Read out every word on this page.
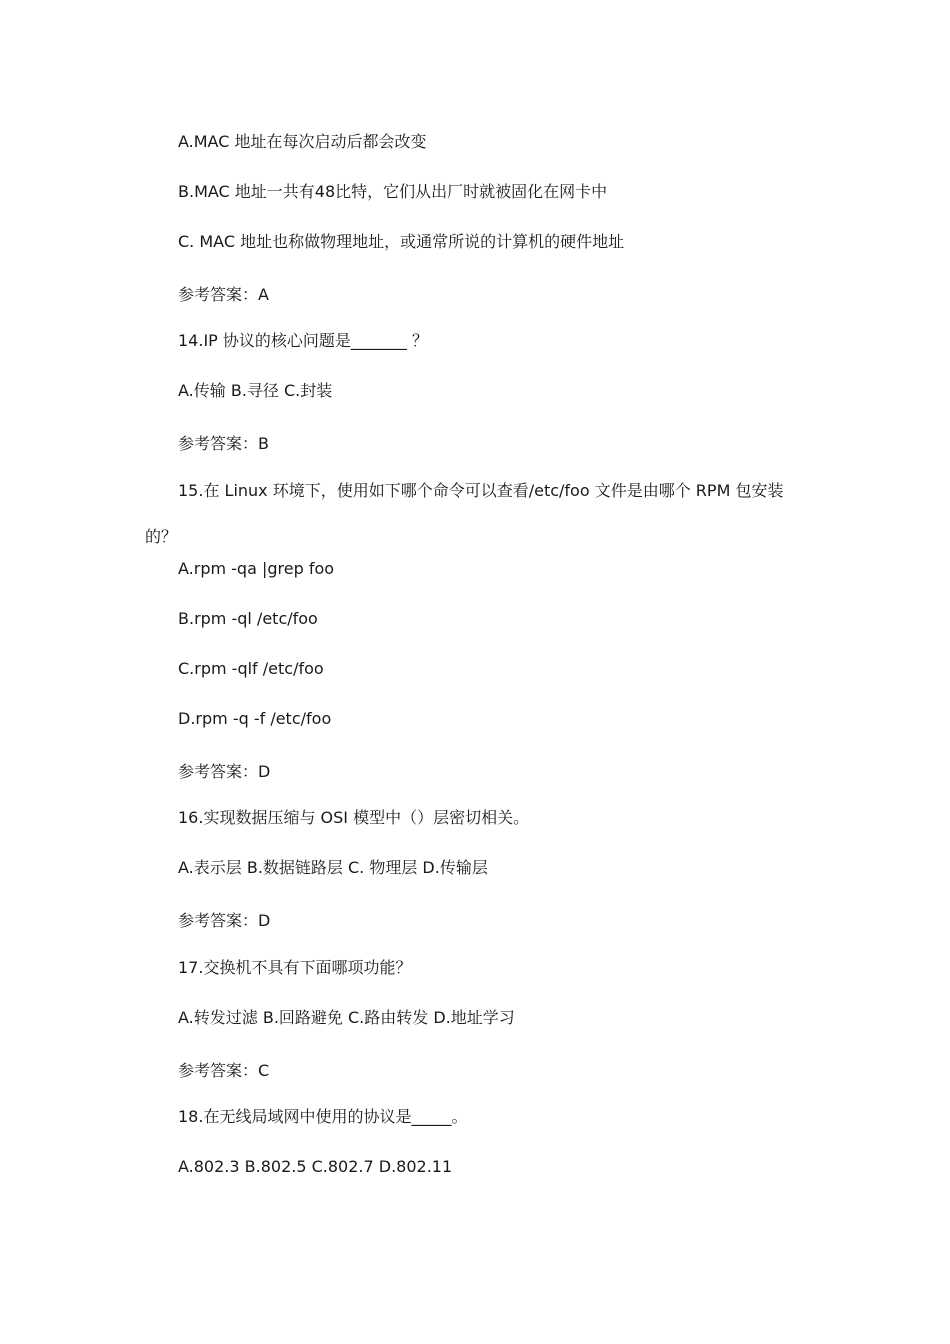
A.MAC 地址在每次启动后都会改变
B.MAC 地址一共有48比特，它们从出厂时就被固化在网卡中
C. MAC 地址也称做物理地址，或通常所说的计算机的硬件地址
参考答案：A
14.IP 协议的核心问题是_______ ？
A.传输 B.寻径 C.封装
参考答案：B
15.在 Linux 环境下，使用如下哪个命令可以查看/etc/foo 文件是由哪个 RPM 包安装
的？
A.rpm -qa |grep foo
B.rpm -ql /etc/foo
C.rpm -qlf /etc/foo
D.rpm -q -f /etc/foo
参考答案：D
16.实现数据压缩与 OSI 模型中（）层密切相关。
A.表示层 B.数据链路层 C. 物理层 D.传输层
参考答案：D
17.交换机不具有下面哪项功能？
A.转发过滤 B.回路避免 C.路由转发 D.地址学习
参考答案：C
18.在无线局域网中使用的协议是_____。
A.802.3 B.802.5 C.802.7 D.802.11
